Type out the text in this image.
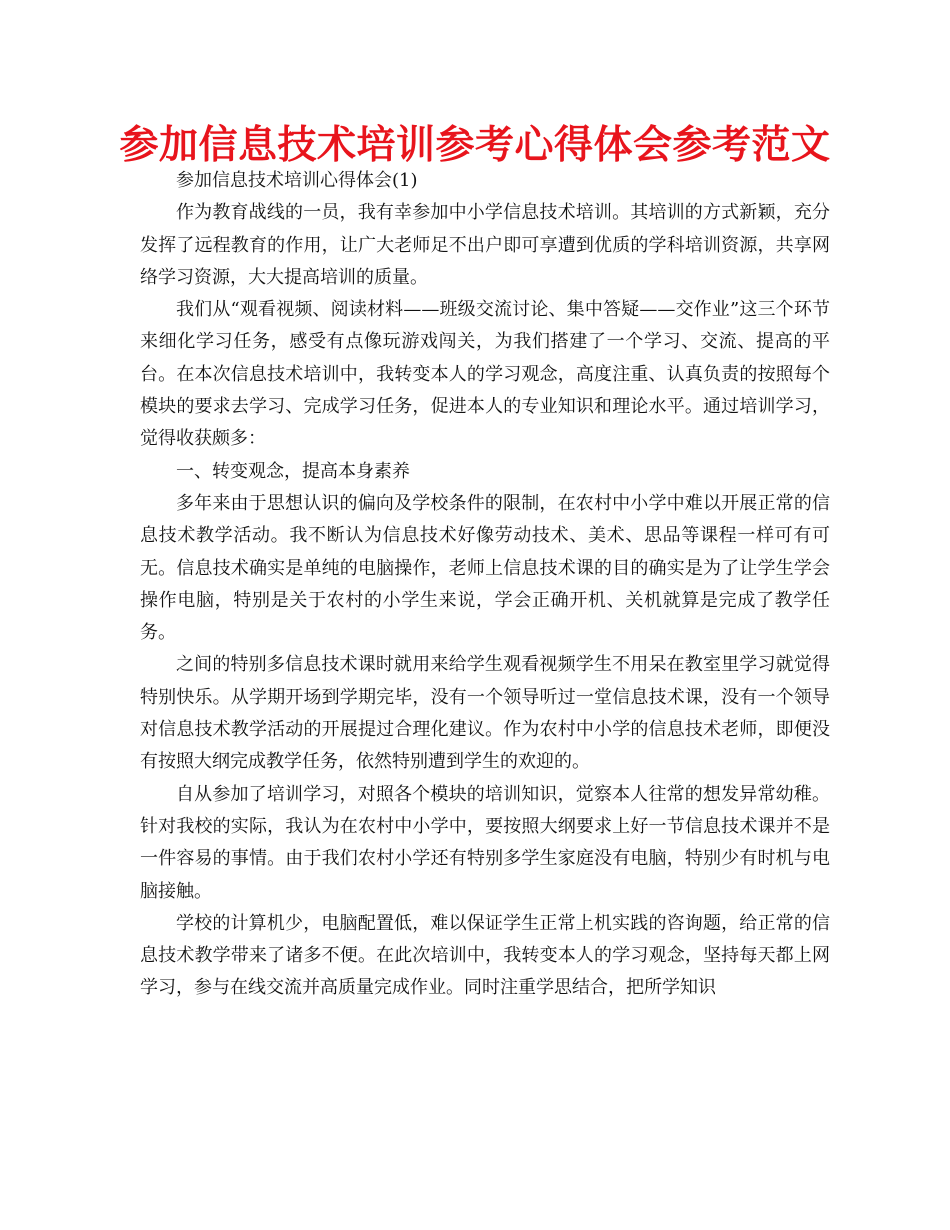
参加信息技术培训参考心得体会参考范文

参加信息技术培训心得体会(1)

作为教育战线的一员，我有幸参加中小学信息技术培训。其培训的方式新颖，充分发挥了远程教育的作用，让广大老师足不出户即可享遭到优质的学科培训资源，共享网络学习资源，大大提高培训的质量。

我们从“观看视频、阅读材料——班级交流讨论、集中答疑——交作业”这三个环节来细化学习任务，感受有点像玩游戏闯关，为我们搭建了一个学习、交流、提高的平台。在本次信息技术培训中，我转变本人的学习观念，高度注重、认真负责的按照每个模块的要求去学习、完成学习任务，促进本人的专业知识和理论水平。通过培训学习，觉得收获颇多：

一、转变观念，提高本身素养

多年来由于思想认识的偏向及学校条件的限制，在农村中小学中难以开展正常的信息技术教学活动。我不断认为信息技术好像劳动技术、美术、思品等课程一样可有可无。信息技术确实是单纯的电脑操作，老师上信息技术课的目的确实是为了让学生学会操作电脑，特别是关于农村的小学生来说，学会正确开机、关机就算是完成了教学任务。

之间的特别多信息技术课时就用来给学生观看视频学生不用呆在教室里学习就觉得特别快乐。从学期开场到学期完毕，没有一个领导听过一堂信息技术课，没有一个领导对信息技术教学活动的开展提过合理化建议。作为农村中小学的信息技术老师，即便没有按照大纲完成教学任务，依然特别遭到学生的欢迎的。

自从参加了培训学习，对照各个模块的培训知识，觉察本人往常的想发异常幼稚。针对我校的实际，我认为在农村中小学中，要按照大纲要求上好一节信息技术课并不是一件容易的事情。由于我们农村小学还有特别多学生家庭没有电脑，特别少有时机与电脑接触。

学校的计算机少，电脑配置低，难以保证学生正常上机实践的咨询题，给正常的信息技术教学带来了诸多不便。在此次培训中，我转变本人的学习观念，坚持每天都上网学习，参与在线交流并高质量完成作业。同时注重学思结合，把所学知识
